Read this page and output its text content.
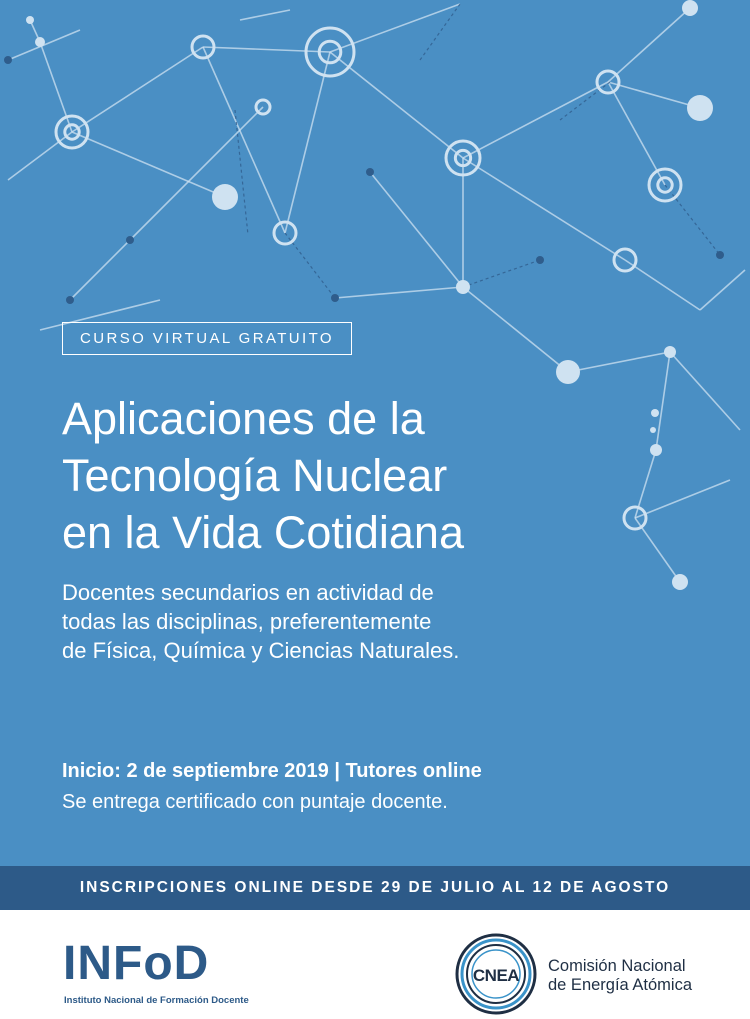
CURSO VIRTUAL GRATUITO
Aplicaciones de la
Tecnología Nuclear
en la Vida Cotidiana
Docentes secundarios en actividad de
todas las disciplinas, preferentemente
de Física, Química y Ciencias Naturales.
Inicio: 2 de septiembre 2019 | Tutores online
Se entrega certificado con puntaje docente.
INSCRIPCIONES ONLINE DESDE 29 DE JULIO AL 12 DE AGOSTO
INFoD
Instituto Nacional de Formación Docente
CNEA Comisión Nacional
de Energía Atómica
